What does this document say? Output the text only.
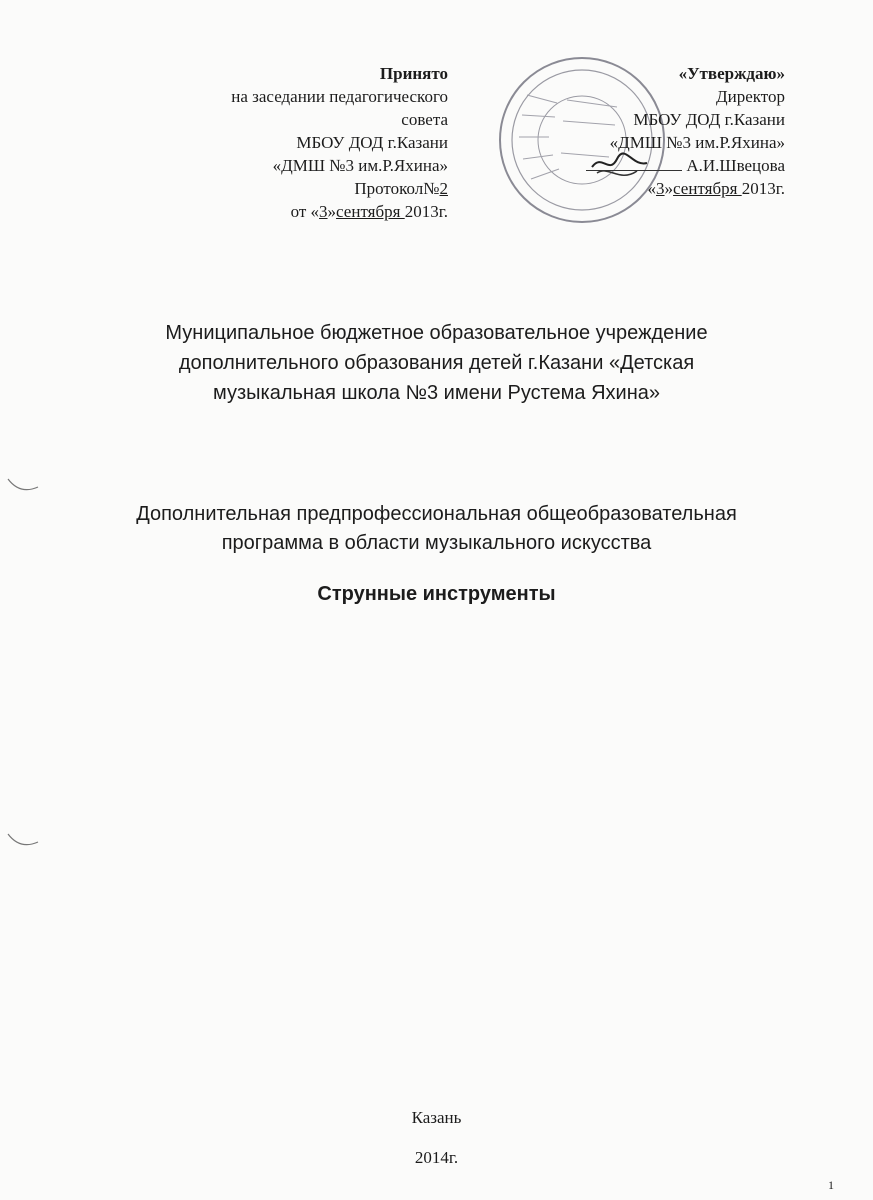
Принято
на заседании педагогического
совета
МБОУ ДОД г.Казани
«ДМШ №3 им.Р.Яхина»
Протокол№2
от «3»сентября 2013г.
«Утверждаю»
Директор
МБОУ ДОД г.Казани
«ДМШ №3 им.Р.Яхина»
А.И.Швецова
«3»сентября 2013г.
Муниципальное бюджетное образовательное учреждение
дополнительного образования детей г.Казани «Детская
музыкальная школа №3 имени Рустема Яхина»
Дополнительная предпрофессиональная общеобразовательная
программа в области музыкального искусства
Струнные инструменты
Казань
2014г.
1
